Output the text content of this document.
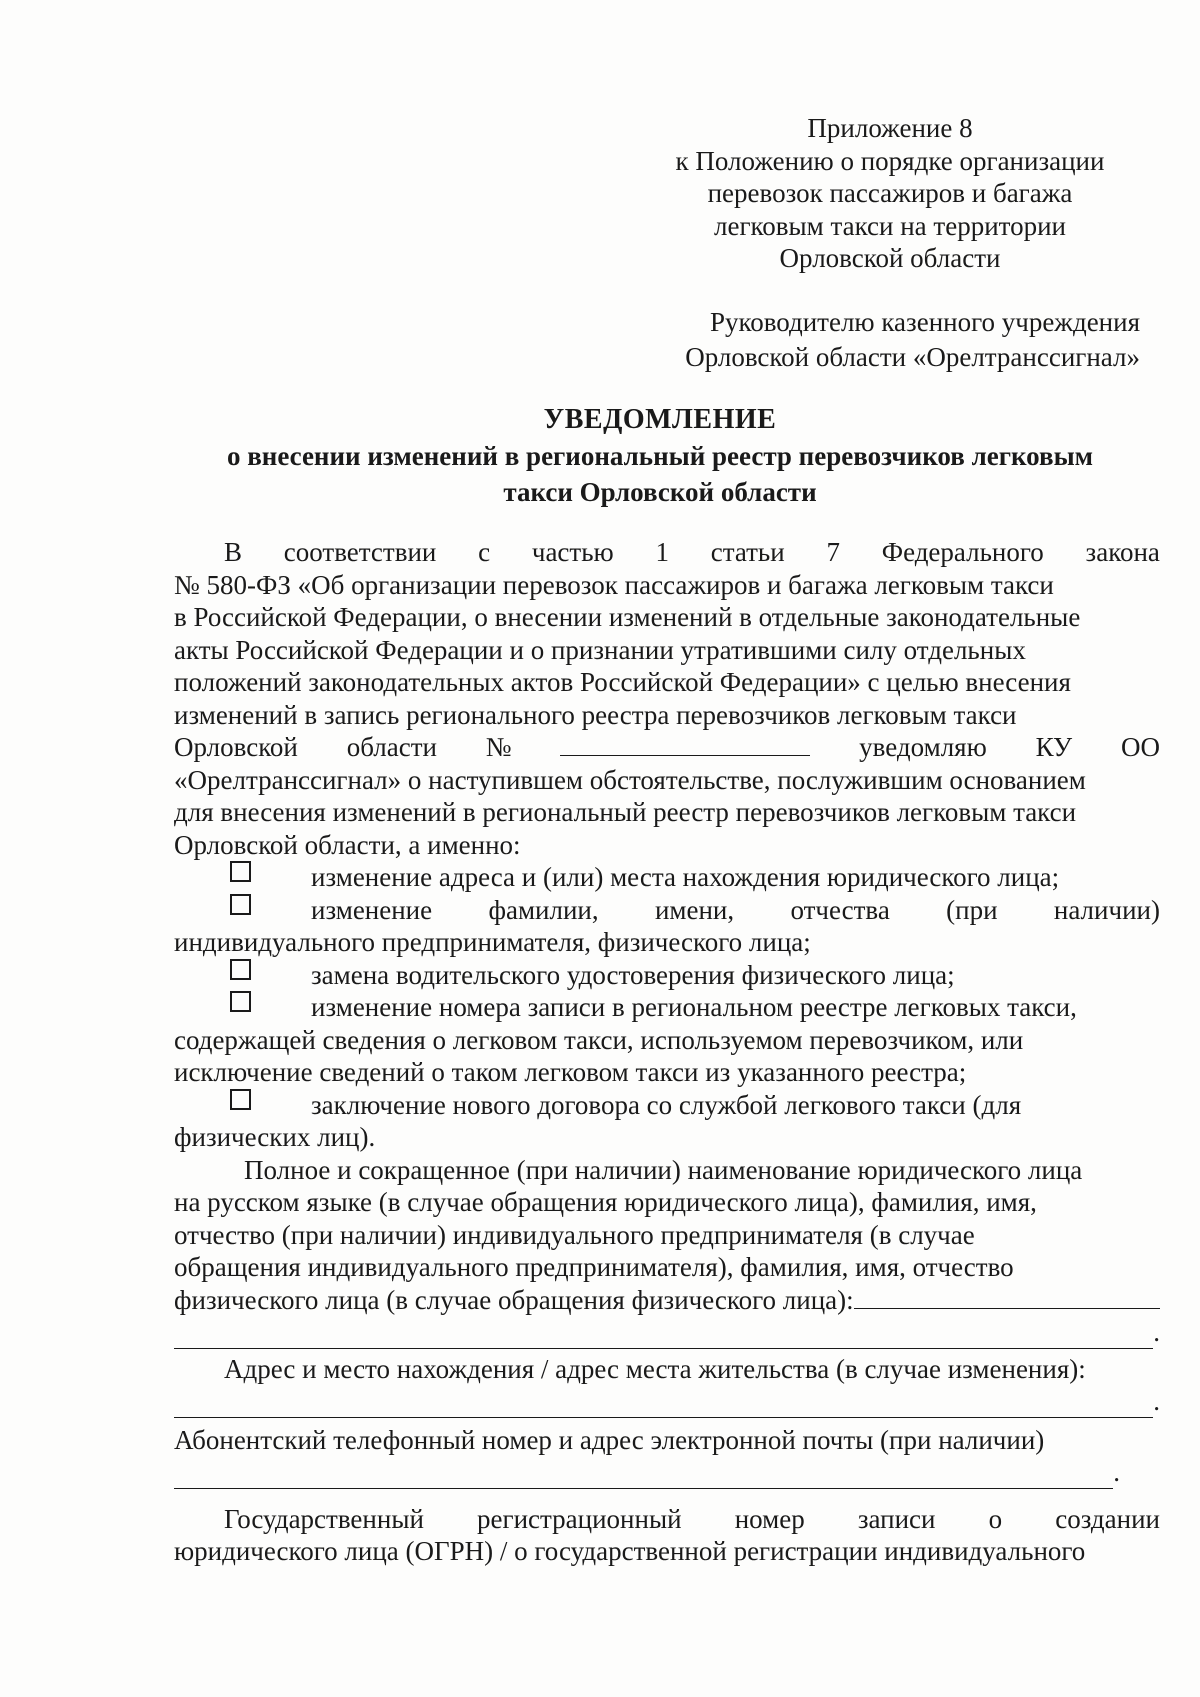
Приложение 8
к Положению о порядке организации
перевозок пассажиров и багажа
легковым такси на территории
Орловской области
Руководителю казенного учреждения
Орловской области «Орелтранссигнал»
УВЕДОМЛЕНИЕ
о внесении изменений в региональный реестр перевозчиков легковым
такси Орловской области
В соответствии с частью 1 статьи 7 Федерального закона
№ 580-ФЗ «Об организации перевозок пассажиров и багажа легковым такси
в Российской Федерации, о внесении изменений в отдельные законодательные
акты Российской Федерации и о признании утратившими силу отдельных
положений законодательных актов Российской Федерации» с целью внесения
изменений в запись регионального реестра перевозчиков легковым такси
Орловской области №	уведомляю КУ ОО
«Орелтранссигнал» о наступившем обстоятельстве, послужившим основанием
для внесения изменений в региональный реестр перевозчиков легковым такси
Орловской области, а именно:
изменение адреса и (или) места нахождения юридического лица;
изменение фамилии, имени, отчества (при наличии)
индивидуального предпринимателя, физического лица;
замена водительского удостоверения физического лица;
изменение номера записи в региональном реестре легковых такси,
содержащей сведения о легковом такси, используемом перевозчиком, или
исключение сведений о таком легковом такси из указанного реестра;
заключение нового договора со службой легкового такси (для
физических лиц).
Полное и сокращенное (при наличии) наименование юридического лица
на русском языке (в случае обращения юридического лица), фамилия, имя,
отчество (при наличии) индивидуального предпринимателя (в случае
обращения индивидуального предпринимателя), фамилия, имя, отчество
физического лица (в случае обращения физического лица):
.
Адрес и место нахождения / адрес места жительства (в случае изменения):
.
Абонентский телефонный номер и адрес электронной почты (при наличии)
.
Государственный регистрационный номер записи о создании
юридического лица (ОГРН) / о государственной регистрации индивидуального
